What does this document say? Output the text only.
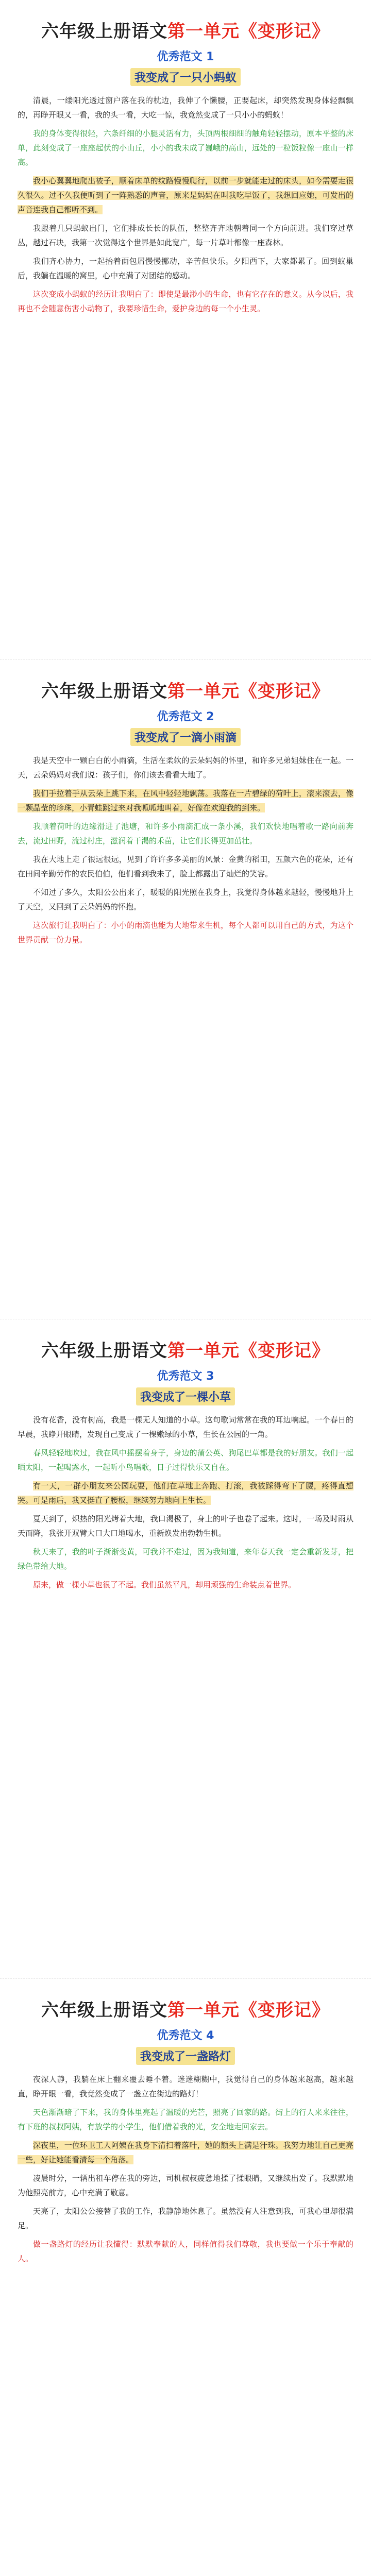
六年级上册语文第一单元《变形记》
优秀范文 1
我变成了一只小蚂蚁

清晨，一缕阳光透过窗户落在我的枕边，我伸了个懒腰，正要起床，却突然发现身体轻飘飘的，再睁开眼又一看，我的头一看，大吃一惊，我竟然变成了一只小小的蚂蚁！

我的身体变得很轻，六条纤细的小腿灵活有力，头顶两根细细的触角轻轻摆动，原本平整的床单，此刻变成了一座座起伏的小山丘，小小的我未成了巍峨的高山，远处的一粒饭粒像一座山一样高。

我小心翼翼地爬出被子，顺着床单的纹路慢慢爬行，以前一步就能走过的床头，如今需要走很久很久。过不久我便听到了一阵熟悉的声音，原来是妈妈在叫我吃早饭了，我想回应她，可发出的声音连我自己都听不到。

我跟着几只蚂蚁出门，它们排成长长的队伍，整整齐齐地朝着同一个方向前进。我们穿过草丛，越过石块，我第一次觉得这个世界是如此宽广，每一片草叶都像一座森林。

我们齐心协力，一起抬着面包屑慢慢挪动，辛苦但快乐。夕阳西下，大家都累了。回到蚁巢后，我躺在温暖的窝里，心中充满了对团结的感动。

这次变成小蚂蚁的经历让我明白了：即使是最渺小的生命，也有它存在的意义。从今以后，我再也不会随意伤害小动物了，我要珍惜生命，爱护身边的每一个小生灵。

六年级上册语文第一单元《变形记》
优秀范文 2
我变成了一滴小雨滴

我是天空中一颗白白的小雨滴，生活在柔软的云朵妈妈的怀里，和许多兄弟姐妹住在一起。一天，云朵妈妈对我们说：孩子们，你们该去看看大地了。

我们手拉着手从云朵上跳下来，在风中轻轻地飘荡。我落在一片碧绿的荷叶上，滚来滚去，像一颗晶莹的珍珠，小青蛙跳过来对我呱呱地叫着，好像在欢迎我的到来。

我顺着荷叶的边缘滑进了池塘，和许多小雨滴汇成一条小溪，我们欢快地唱着歌一路向前奔去，流过田野，流过村庄，滋润着干渴的禾苗，让它们长得更加茁壮。

我在大地上走了很远很远，见到了许许多多美丽的风景：金黄的稻田，五颜六色的花朵，还有在田间辛勤劳作的农民伯伯，他们看到我来了，脸上都露出了灿烂的笑容。

不知过了多久，太阳公公出来了，暖暖的阳光照在我身上，我觉得身体越来越轻，慢慢地升上了天空，又回到了云朵妈妈的怀抱。

这次旅行让我明白了：小小的雨滴也能为大地带来生机，每个人都可以用自己的方式，为这个世界贡献一份力量。

六年级上册语文第一单元《变形记》
优秀范文 3
我变成了一棵小草

没有花香，没有树高，我是一棵无人知道的小草。这句歌词常常在我的耳边响起。一个春日的早晨，我睁开眼睛，发现自己变成了一棵嫩绿的小草，生长在公园的一角。

春风轻轻地吹过，我在风中摇摆着身子，身边的蒲公英、狗尾巴草都是我的好朋友。我们一起晒太阳，一起喝露水，一起听小鸟唱歌，日子过得快乐又自在。

有一天，一群小朋友来公园玩耍，他们在草地上奔跑、打滚，我被踩得弯下了腰，疼得直想哭。可是雨后，我又挺直了腰板，继续努力地向上生长。

夏天到了，炽热的阳光烤着大地，我口渴极了，身上的叶子也卷了起来。这时，一场及时雨从天而降，我张开双臂大口大口地喝水，重新焕发出勃勃生机。

秋天来了，我的叶子渐渐变黄，可我并不难过，因为我知道，来年春天我一定会重新发芽，把绿色带给大地。

原来，做一棵小草也很了不起。我们虽然平凡，却用顽强的生命装点着世界。

六年级上册语文第一单元《变形记》
优秀范文 4
我变成了一盏路灯

夜深人静，我躺在床上翻来覆去睡不着。迷迷糊糊中，我觉得自己的身体越来越高，越来越直，睁开眼一看，我竟然变成了一盏立在街边的路灯！

天色渐渐暗了下来，我的身体里亮起了温暖的光芒，照亮了回家的路。街上的行人来来往往，有下班的叔叔阿姨，有放学的小学生，他们借着我的光，安全地走回家去。

深夜里，一位环卫工人阿姨在我身下清扫着落叶，她的额头上满是汗珠。我努力地让自己更亮一些，好让她能看清每一个角落。

凌晨时分，一辆出租车停在我的旁边，司机叔叔疲惫地揉了揉眼睛，又继续出发了。我默默地为他照亮前方，心中充满了敬意。

天亮了，太阳公公接替了我的工作，我静静地休息了。虽然没有人注意到我，可我心里却很满足。

做一盏路灯的经历让我懂得：默默奉献的人，同样值得我们尊敬，我也要做一个乐于奉献的人。
